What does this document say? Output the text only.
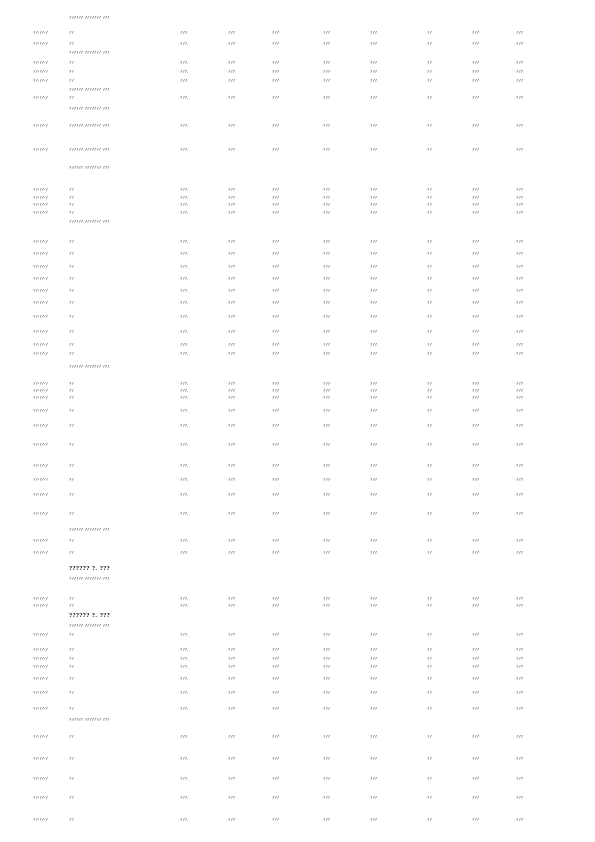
?????? ??????? ???
??-??-?	??	???.	???	???	???	???	??	???	???
??-??-?	??	???.	???	???	???	???	??	???	???
?????? ??????? ???
??-??-?	??	???.	???	???	???	???	??	???	???
??-??-?	??	???.	???	???	???	???	??	???	???
??-??-?	??	???.	???	???	???	???	??	???	???
?????? ??????? ???
??-??-?	??	???.	???	???	???	???	??	???	???
?????? ??????? ???
??-??-?	?????? ??????? ???	???.	???	???	???	???	??	???	???
??-??-?	?????? ??????? ???	???.	???	???	???	???	??	???	???
?????? ??????? ???
??-??-?	??	???.	???	???	???	???	??	???	???
??-??-?	??	???.	???	???	???	???	??	???	???
??-??-?	??	???.	???	???	???	???	??	???	???
??-??-?	??	???.	???	???	???	???	??	???	???
?????? ??????? ???
??-??-?	??	???.	???	???	???	???	??	???	???
??-??-?	??	???.	???	???	???	???	??	???	???
??-??-?	??	???.	???	???	???	???	??	???	???
??-??-?	??	???.	???	???	???	???	??	???	???
??-??-?	??	???.	???	???	???	???	??	???	???
??-??-?	??	???.	???	???	???	???	??	???	???
??-??-?	??	???.	???	???	???	???	??	???	???
??-??-?	??	???.	???	???	???	???	??	???	???
??-??-?	??	???.	???	???	???	???	??	???	???
??-??-?	??	???.	???	???	???	???	??	???	???
?????? ??????? ???
??-??-?	??	???.	???	???	???	???	??	???	???
??-??-?	??	???.	???	???	???	???	??	???	???
??-??-?	??	???.	???	???	???	???	??	???	???
??-??-?	??	???.	???	???	???	???	??	???	???
??-??-?	??	???.	???	???	???	???	??	???	???
??-??-?	??	???.	???	???	???	???	??	???	???
??-??-?	??	???.	???	???	???	???	??	???	???
??-??-?	??	???.	???	???	???	???	??	???	???
??-??-?	??	???.	???	???	???	???	??	???	???
??-??-?	??	???.	???	???	???	???	??	???	???
?????? ??????? ???
??-??-?	??	???.	???	???	???	???	??	???	???
??-??-?	??	???.	???	???	???	???	??	???	???
?????? ?. ???
?????? ??????? ???
??-??-?	??	???.	???	???	???	???	??	???	???
??-??-?	??	???.	???	???	???	???	??	???	???
?????? ?. ???
?????? ??????? ???
??-??-?	??	???.	???	???	???	???	??	???	???
??-??-?	??	???.	???	???	???	???	??	???	???
??-??-?	??	???.	???	???	???	???	??	???	???
??-??-?	??	???.	???	???	???	???	??	???	???
??-??-?	??	???.	???	???	???	???	??	???	???
??-??-?	??	???.	???	???	???	???	??	???	???
??-??-?	??	???.	???	???	???	???	??	???	???
?????? ??????? ???
??-??-?	??	???.	???	???	???	???	??	???	???
??-??-?	??	???.	???	???	???	???	??	???	???
??-??-?	??	???.	???	???	???	???	??	???	???
??-??-?	??	???.	???	???	???	???	??	???	???
??-??-?	??	???.	???	???	???	???	??	???	???
